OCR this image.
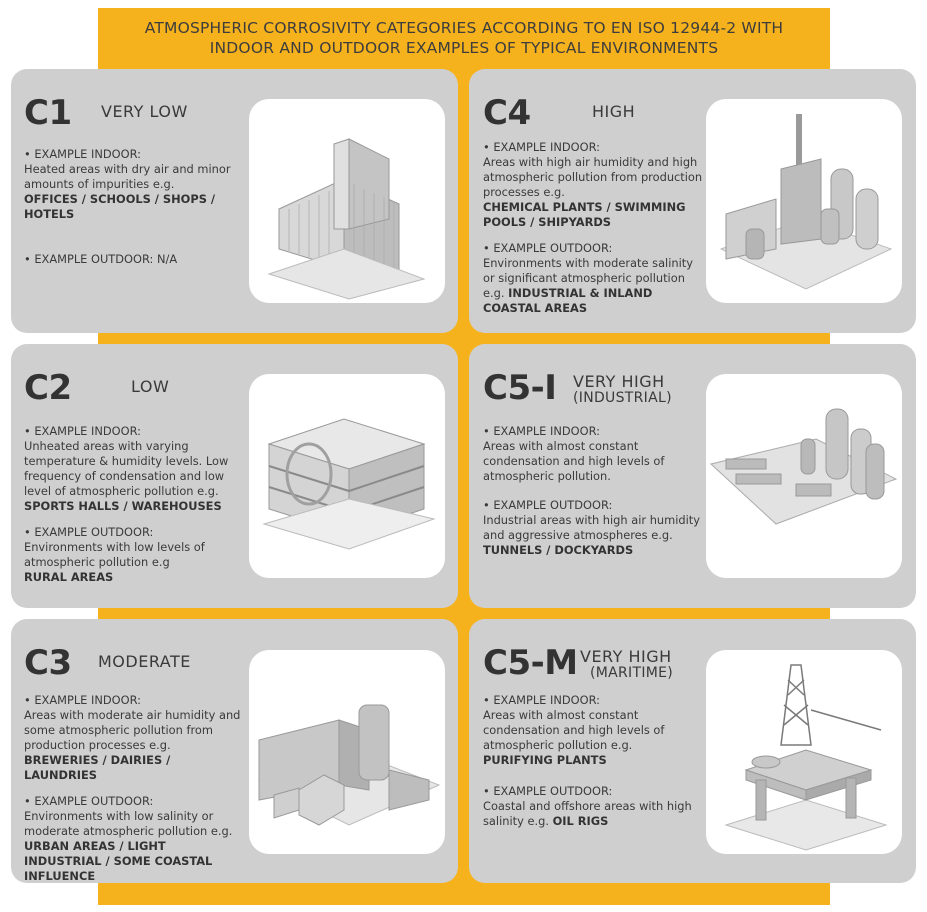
ATMOSPHERIC CORROSIVITY CATEGORIES ACCORDING TO EN ISO 12944-2 WITH
INDOOR AND OUTDOOR EXAMPLES OF TYPICAL ENVIRONMENTS
C1 VERY LOW

• EXAMPLE INDOOR:

Heated areas with dry air and minor amounts of impurities e.g.

OFFICES / SCHOOLS / SHOPS / HOTELS

• EXAMPLE OUTDOOR: N/A

C4	HIGH

• EXAMPLE INDOOR:

Areas with high air humidity and high atmospheric pollution from production processes e.g.

CHEMICAL PLANTS / SWIMMING POOLS / SHIPYARDS

• EXAMPLE OUTDOOR:

Environments with moderate salinity or significant atmospheric pollution e.g. INDUSTRIAL & INLAND COASTAL AREAS

C2	LOW

• EXAMPLE INDOOR:

Unheated areas with varying temperature & humidity levels. Low frequency of condensation and low level of atmospheric pollution e.g.

SPORTS HALLS / WAREHOUSES

• EXAMPLE OUTDOOR:

Environments with low levels of atmospheric pollution e.g

RURAL AREAS

C5-I VERY HIGH
(INDUSTRIAL)

• EXAMPLE INDOOR:

Areas with almost constant condensation and high levels of atmospheric pollution.

• EXAMPLE OUTDOOR:

Industrial areas with high air humidity and aggressive atmospheres e.g. TUNNELS / DOCKYARDS

C3 MODERATE

• EXAMPLE INDOOR:

Areas with moderate air humidity and some atmospheric pollution from production processes e.g.

BREWERIES / DAIRIES / LAUNDRIES

• EXAMPLE OUTDOOR:

Environments with low salinity or moderate atmospheric pollution e.g.

URBAN AREAS / LIGHT INDUSTRIAL / SOME COASTAL INFLUENCE

C5-M VERY HIGH
(MARITIME)

• EXAMPLE INDOOR:

Areas with almost constant condensation and high levels of atmospheric pollution e.g.

PURIFYING PLANTS

• EXAMPLE OUTDOOR:

Coastal and offshore areas with high salinity e.g. OIL RIGS
